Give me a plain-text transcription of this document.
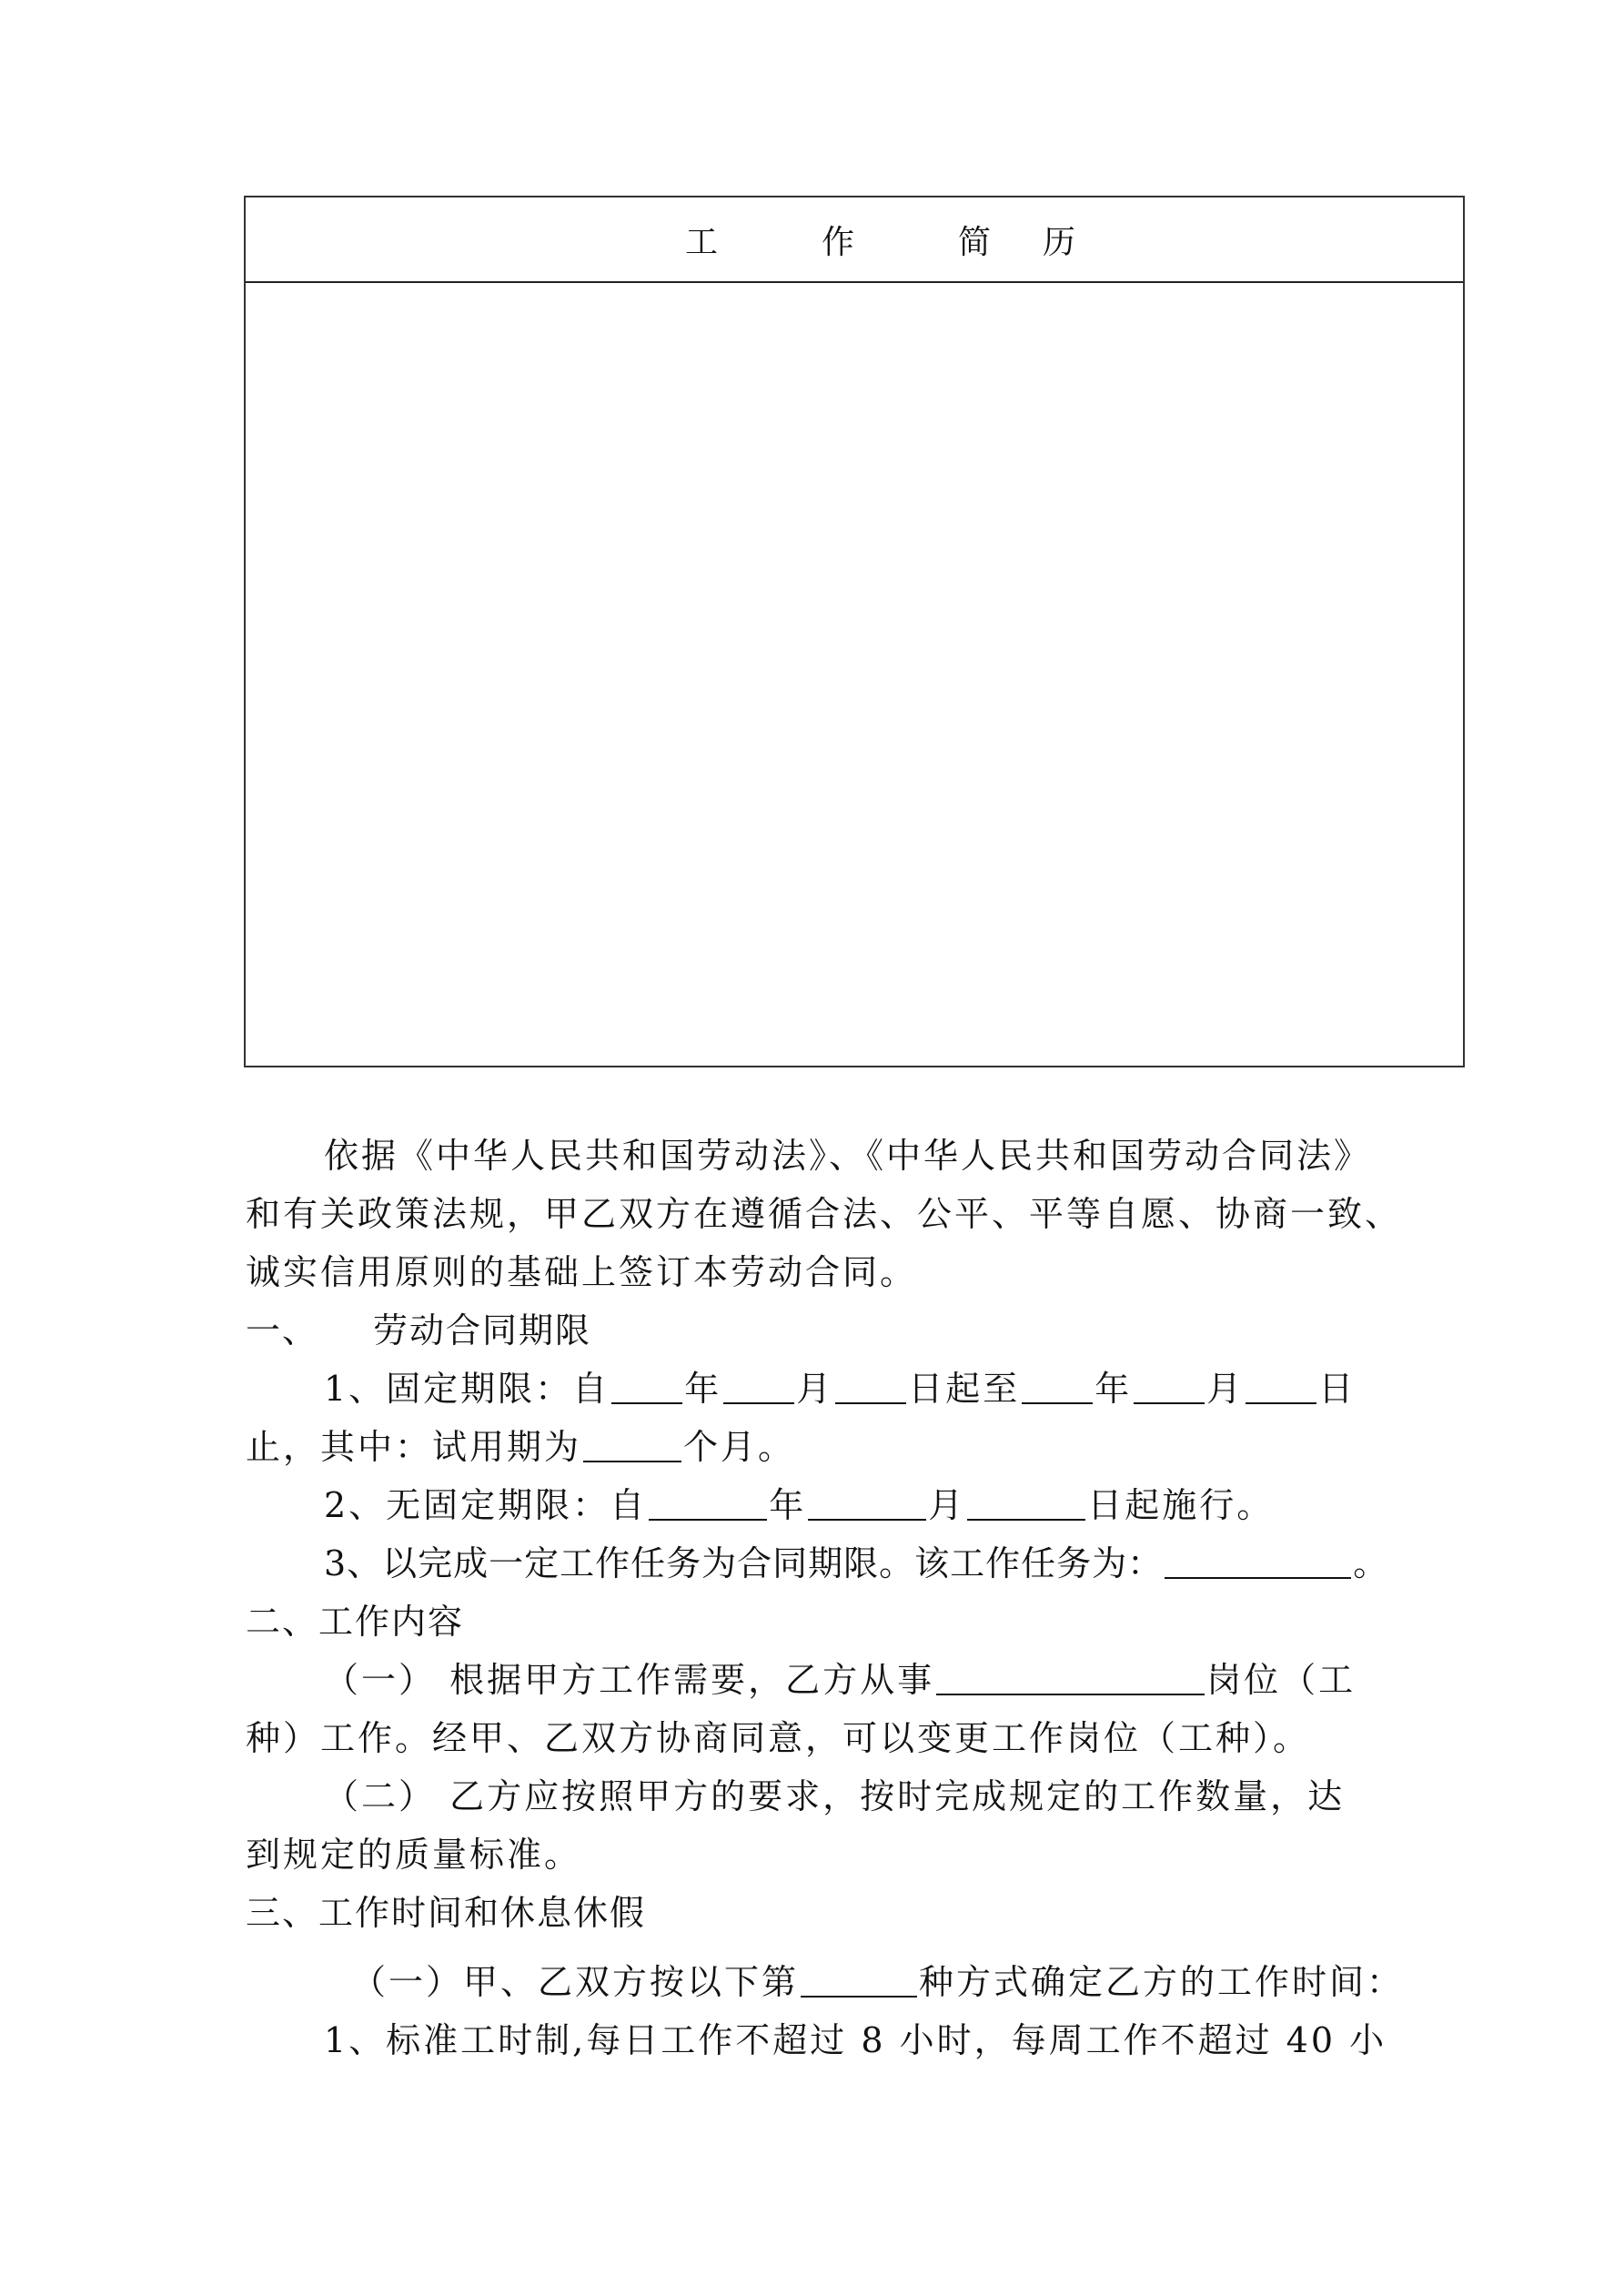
工	作	简	历
依据《中华人民共和国劳动法》、《中华人民共和国劳动合同法》
和有关政策法规，甲乙双方在遵循合法、公平、平等自愿、协商一致、
诚实信用原则的基础上签订本劳动合同。
一、 劳动合同期限
1、固定期限：自 年 月 日起至 年 月 日
止，其中：试用期为	个月。
2、无固定期限：自	年	月	日起施行。
3、以完成一定工作任务为合同期限。该工作任务为：	。
二、工作内容
（一） 根据甲方工作需要，乙方从事	岗位（工
种）工作。经甲、乙双方协商同意，可以变更工作岗位（工种）。
（二） 乙方应按照甲方的要求，按时完成规定的工作数量，达
到规定的质量标准。
三、工作时间和休息休假
（一）甲、乙双方按以下第	种方式确定乙方的工作时间：
1、标准工时制,每日工作不超过 8 小时，每周工作不超过 40 小
